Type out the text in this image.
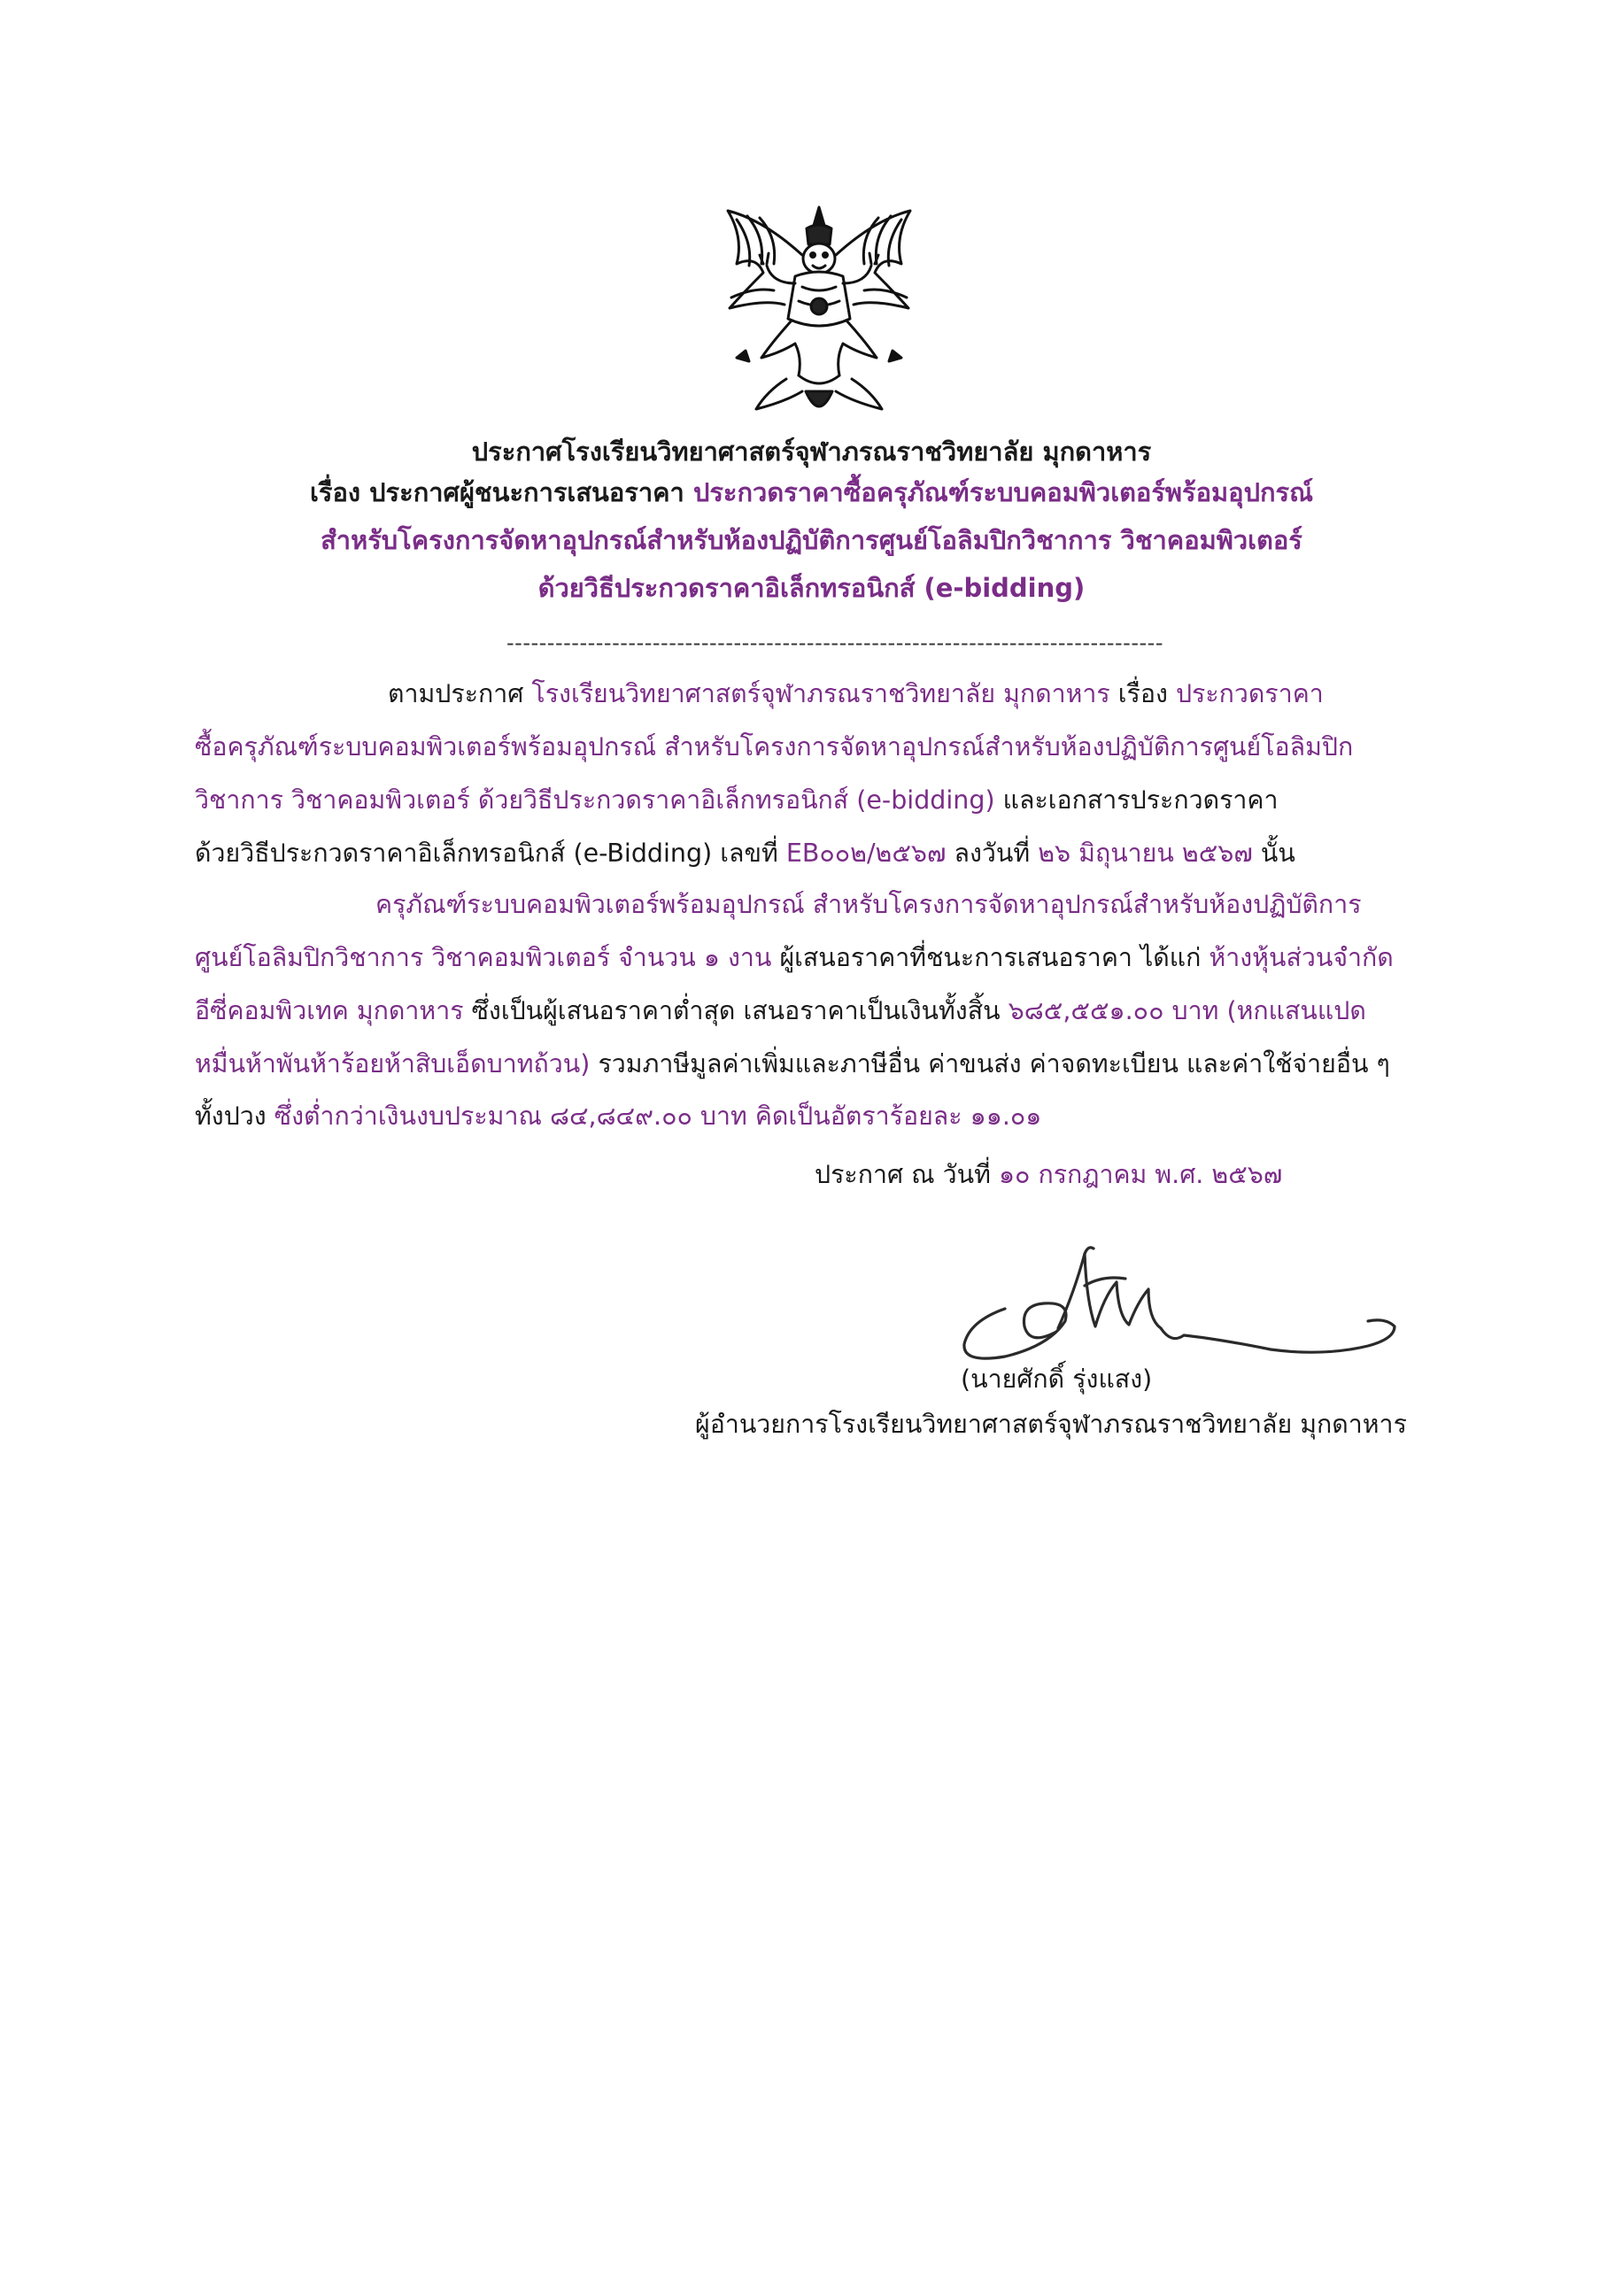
ประกาศโรงเรียนวิทยาศาสตร์จุฬาภรณราชวิทยาลัย มุกดาหาร
เรื่อง ประกาศผู้ชนะการเสนอราคา ประกวดราคาซื้อครุภัณฑ์ระบบคอมพิวเตอร์พร้อมอุปกรณ์
สำหรับโครงการจัดหาอุปกรณ์สำหรับห้องปฏิบัติการศูนย์โอลิมปิกวิชาการ วิชาคอมพิวเตอร์
ด้วยวิธีประกวดราคาอิเล็กทรอนิกส์ (e-bidding)
---------------------------------------------------------------------------------
ตามประกาศ โรงเรียนวิทยาศาสตร์จุฬาภรณราชวิทยาลัย มุกดาหาร เรื่อง ประกวดราคา
ซื้อครุภัณฑ์ระบบคอมพิวเตอร์พร้อมอุปกรณ์ สำหรับโครงการจัดหาอุปกรณ์สำหรับห้องปฏิบัติการศูนย์โอลิมปิก
วิชาการ วิชาคอมพิวเตอร์ ด้วยวิธีประกวดราคาอิเล็กทรอนิกส์ (e-bidding) และเอกสารประกวดราคา
ด้วยวิธีประกวดราคาอิเล็กทรอนิกส์ (e-Bidding) เลขที่ EB๐๐๒/๒๕๖๗ ลงวันที่ ๒๖ มิถุนายน ๒๕๖๗ นั้น
ครุภัณฑ์ระบบคอมพิวเตอร์พร้อมอุปกรณ์ สำหรับโครงการจัดหาอุปกรณ์สำหรับห้องปฏิบัติการ
ศูนย์โอลิมปิกวิชาการ วิชาคอมพิวเตอร์ จำนวน ๑ งาน ผู้เสนอราคาที่ชนะการเสนอราคา ได้แก่ ห้างหุ้นส่วนจำกัด
อีซี่คอมพิวเทค มุกดาหาร ซึ่งเป็นผู้เสนอราคาต่ำสุด เสนอราคาเป็นเงินทั้งสิ้น ๖๘๕,๕๕๑.๐๐ บาท (หกแสนแปด
หมื่นห้าพันห้าร้อยห้าสิบเอ็ดบาทถ้วน) รวมภาษีมูลค่าเพิ่มและภาษีอื่น ค่าขนส่ง ค่าจดทะเบียน และค่าใช้จ่ายอื่น ๆ
ทั้งปวง ซึ่งต่ำกว่าเงินงบประมาณ ๘๔,๘๔๙.๐๐ บาท คิดเป็นอัตราร้อยละ ๑๑.๐๑
ประกาศ ณ วันที่ ๑๐ กรกฎาคม พ.ศ. ๒๕๖๗
(นายศักดิ์ รุ่งแสง)
ผู้อำนวยการโรงเรียนวิทยาศาสตร์จุฬาภรณราชวิทยาลัย มุกดาหาร
